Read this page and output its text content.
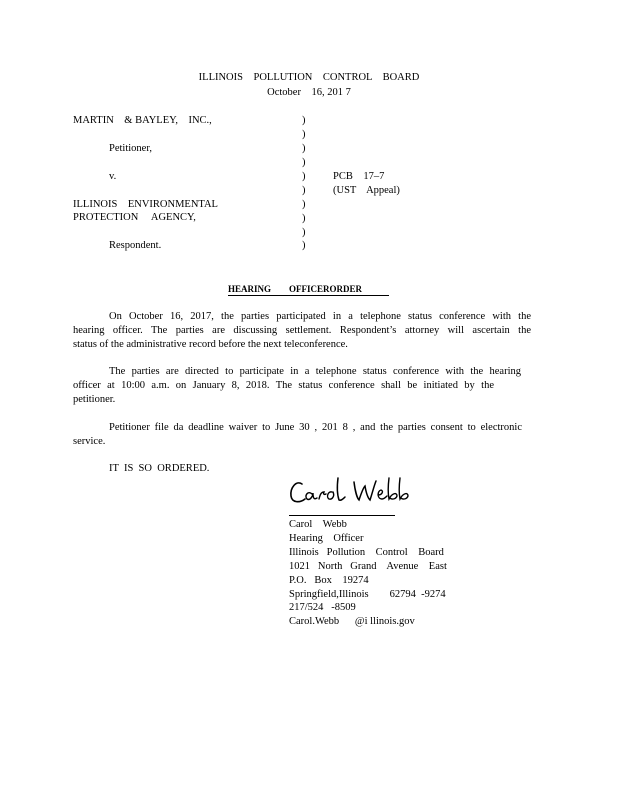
ILLINOIS    POLLUTION    CONTROL    BOARD
October    16, 201 7
MARTIN    & BAYLEY,    INC.,
Petitioner,
v.
ILLINOIS    ENVIRONMENTAL
PROTECTION     AGENCY,
Respondent.
)
)
)
)
)
)
)
)
)
)
PCB    17–7
(UST    Appeal)
HEARING OFFICERORDER
On October 16, 2017, the parties participated in a telephone status conference with the
hearing officer. The parties are discussing settlement. Respondent’s attorney will ascertain the
status of the administrative record before the next teleconference.
The parties are directed to participate in a telephone status conference with the hearing
officer at 10:00 a.m. on January 8, 2018. The status conference shall be initiated by the
petitioner.
Petitioner file da deadline waiver to June 30 , 201 8 , and the parties consent to electronic
service.
IT  IS  SO  ORDERED.
Carol    Webb
Hearing    Officer
Illinois   Pollution    Control    Board
1021   North   Grand    Avenue    East
P.O.   Box    19274
Springfield,Illinois        62794  -9274
217/524   -8509
Carol.Webb      @i llinois.gov
